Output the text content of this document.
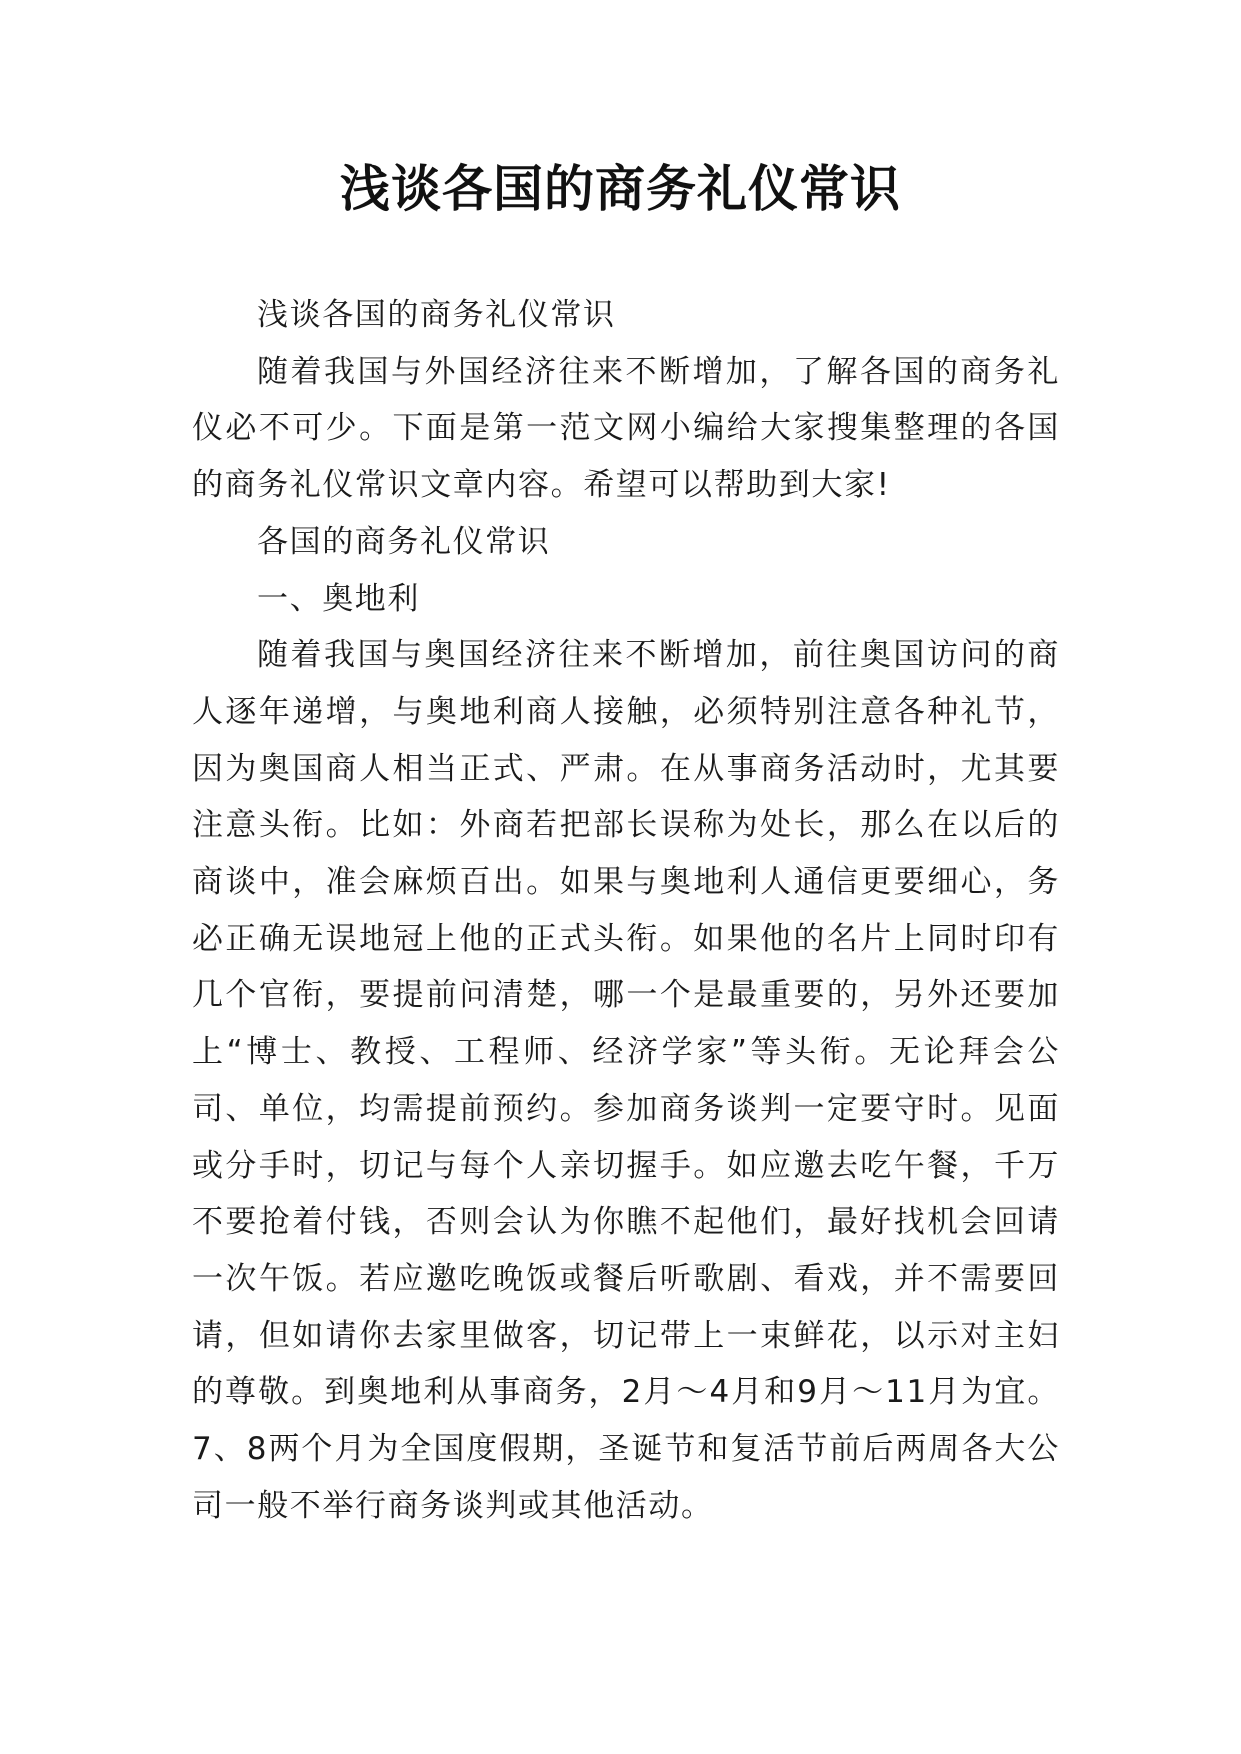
浅谈各国的商务礼仪常识

浅谈各国的商务礼仪常识

随着我国与外国经济往来不断增加，了解各国的商务礼仪必不可少。下面是第一范文网小编给大家搜集整理的各国的商务礼仪常识文章内容。希望可以帮助到大家!

各国的商务礼仪常识

一、奥地利

随着我国与奥国经济往来不断增加，前往奥国访问的商人逐年递增，与奥地利商人接触，必须特别注意各种礼节，因为奥国商人相当正式、严肃。在从事商务活动时，尤其要注意头衔。比如：外商若把部长误称为处长，那么在以后的商谈中，准会麻烦百出。如果与奥地利人通信更要细心，务必正确无误地冠上他的正式头衔。如果他的名片上同时印有几个官衔，要提前问清楚，哪一个是最重要的，另外还要加上“博士、教授、工程师、经济学家”等头衔。无论拜会公司、单位，均需提前预约。参加商务谈判一定要守时。见面或分手时，切记与每个人亲切握手。如应邀去吃午餐，千万不要抢着付钱，否则会认为你瞧不起他们，最好找机会回请一次午饭。若应邀吃晚饭或餐后听歌剧、看戏，并不需要回请，但如请你去家里做客，切记带上一束鲜花，以示对主妇的尊敬。到奥地利从事商务，2月～4月和9月～11月为宜。7、8两个月为全国度假期，圣诞节和复活节前后两周各大公司一般不举行商务谈判或其他活动。
